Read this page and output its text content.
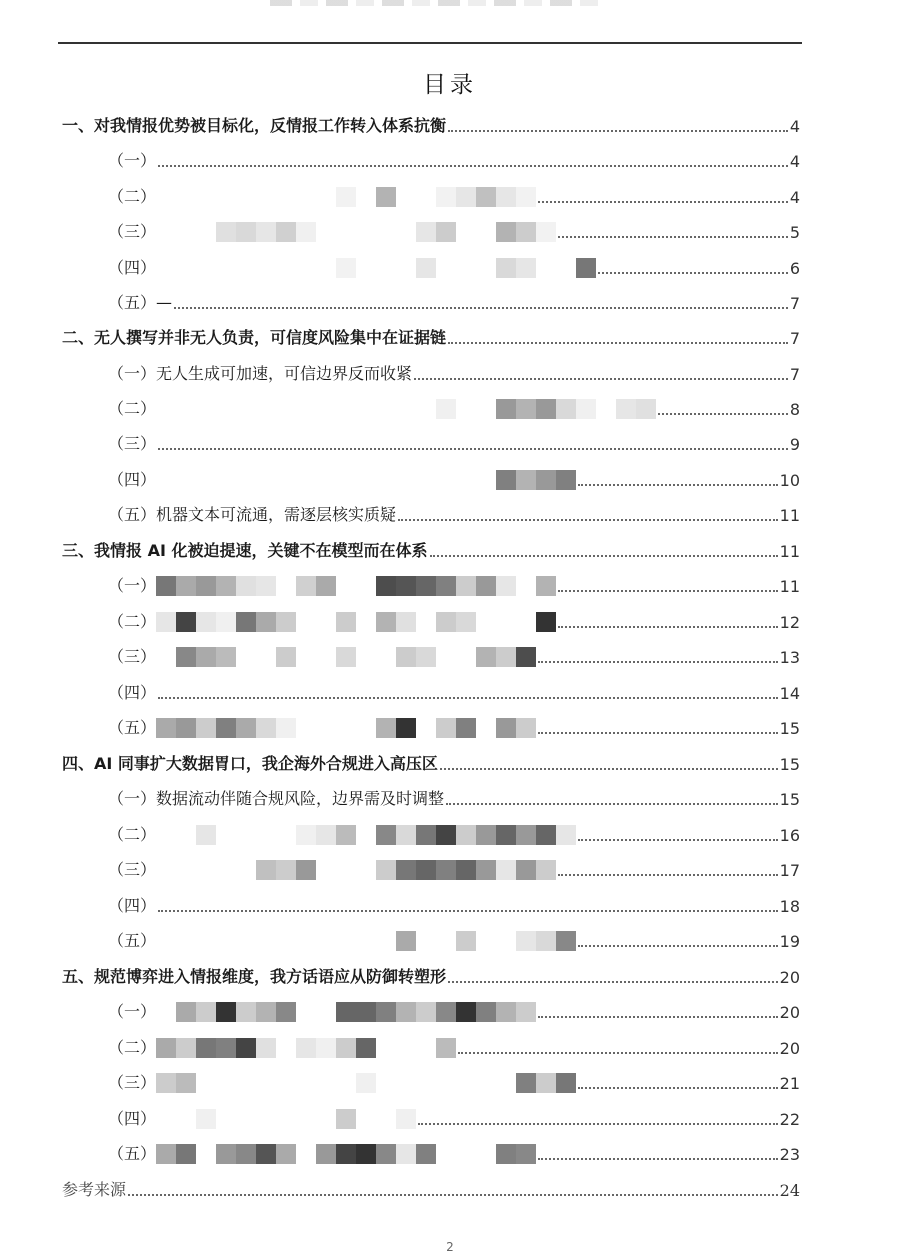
目录
一、对我情报优势被目标化，反情报工作转入体系抗衡	4
（一）	4
（二）	4
（三）	5
（四）	6
（五）—	7
二、无人撰写并非无人负责，可信度风险集中在证据链	7
（一）无人生成可加速，可信边界反而收紧	7
（二）	8
（三）	9
（四）	10
（五）机器文本可流通，需逐层核实质疑	11
三、我情报 AI 化被迫提速，关键不在模型而在体系	11
（一）	11
（二）	12
（三）	13
（四）	14
（五）	15
四、AI 同事扩大数据胃口，我企海外合规进入高压区	15
（一）数据流动伴随合规风险，边界需及时调整	15
（二）	16
（三）	17
（四）	18
（五）	19
五、规范博弈进入情报维度，我方话语应从防御转塑形	20
（一）	20
（二）	20
（三）	21
（四）	22
（五）	23
参考来源	24
2
